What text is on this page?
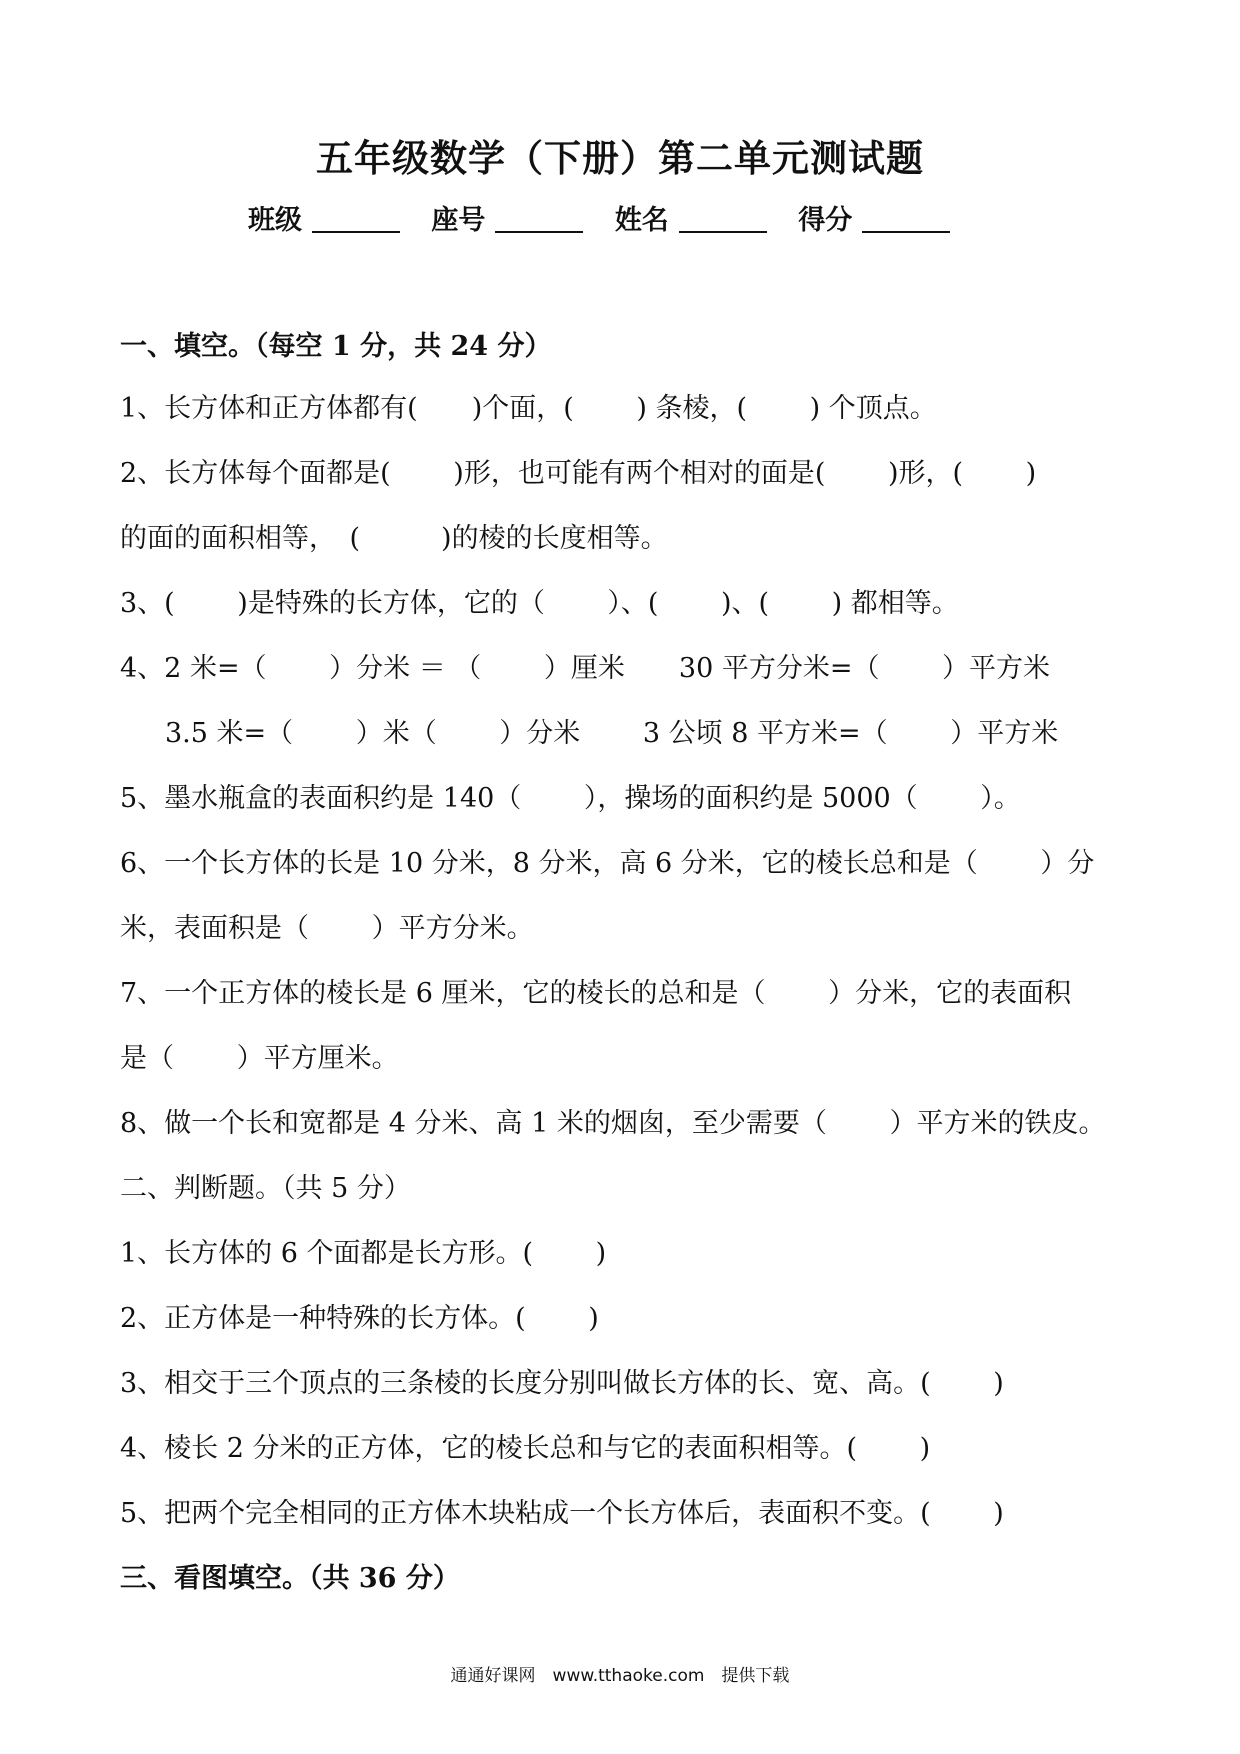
五年级数学（下册）第二单元测试题
班级	座号	姓名	得分
一、填空。（每空 1 分，共 24 分）
1、长方体和正方体都有(　　)个面，(　　 ) 条棱，(　　 ) 个顶点。
2、长方体每个面都是(　　 )形，也可能有两个相对的面是(　　 )形，(　　 )
的面的面积相等，　(　　　)的棱的长度相等。
3、(　　 )是特殊的长方体，它的（　　 ）、(　　 )、(　　 ) 都相等。
4、2 米=（　　 ）分米 ＝ （　　 ）厘米　　30 平方分米=（　　 ）平方米
3.5 米=（　　 ）米（　　 ）分米　　 3 公顷 8 平方米=（　　 ）平方米
5、墨水瓶盒的表面积约是 140（　　 ），操场的面积约是 5000（　　 ）。
6、一个长方体的长是 10 分米，8 分米，高 6 分米，它的棱长总和是（　　 ）分
米，表面积是（　　 ）平方分米。
7、一个正方体的棱长是 6 厘米，它的棱长的总和是（　　 ）分米，它的表面积
是（　　 ）平方厘米。
8、做一个长和宽都是 4 分米、高 1 米的烟囱，至少需要（　　 ）平方米的铁皮。
二、判断题。（共 5 分）
1、长方体的 6 个面都是长方形。(　　 )
2、正方体是一种特殊的长方体。(　　 )
3、相交于三个顶点的三条棱的长度分别叫做长方体的长、宽、高。(　　 )
4、棱长 2 分米的正方体，它的棱长总和与它的表面积相等。(　　 )
5、把两个完全相同的正方体木块粘成一个长方体后，表面积不变。(　　 )
三、看图填空。（共 36 分）
通通好课网　www.tthaoke.com　提供下载
